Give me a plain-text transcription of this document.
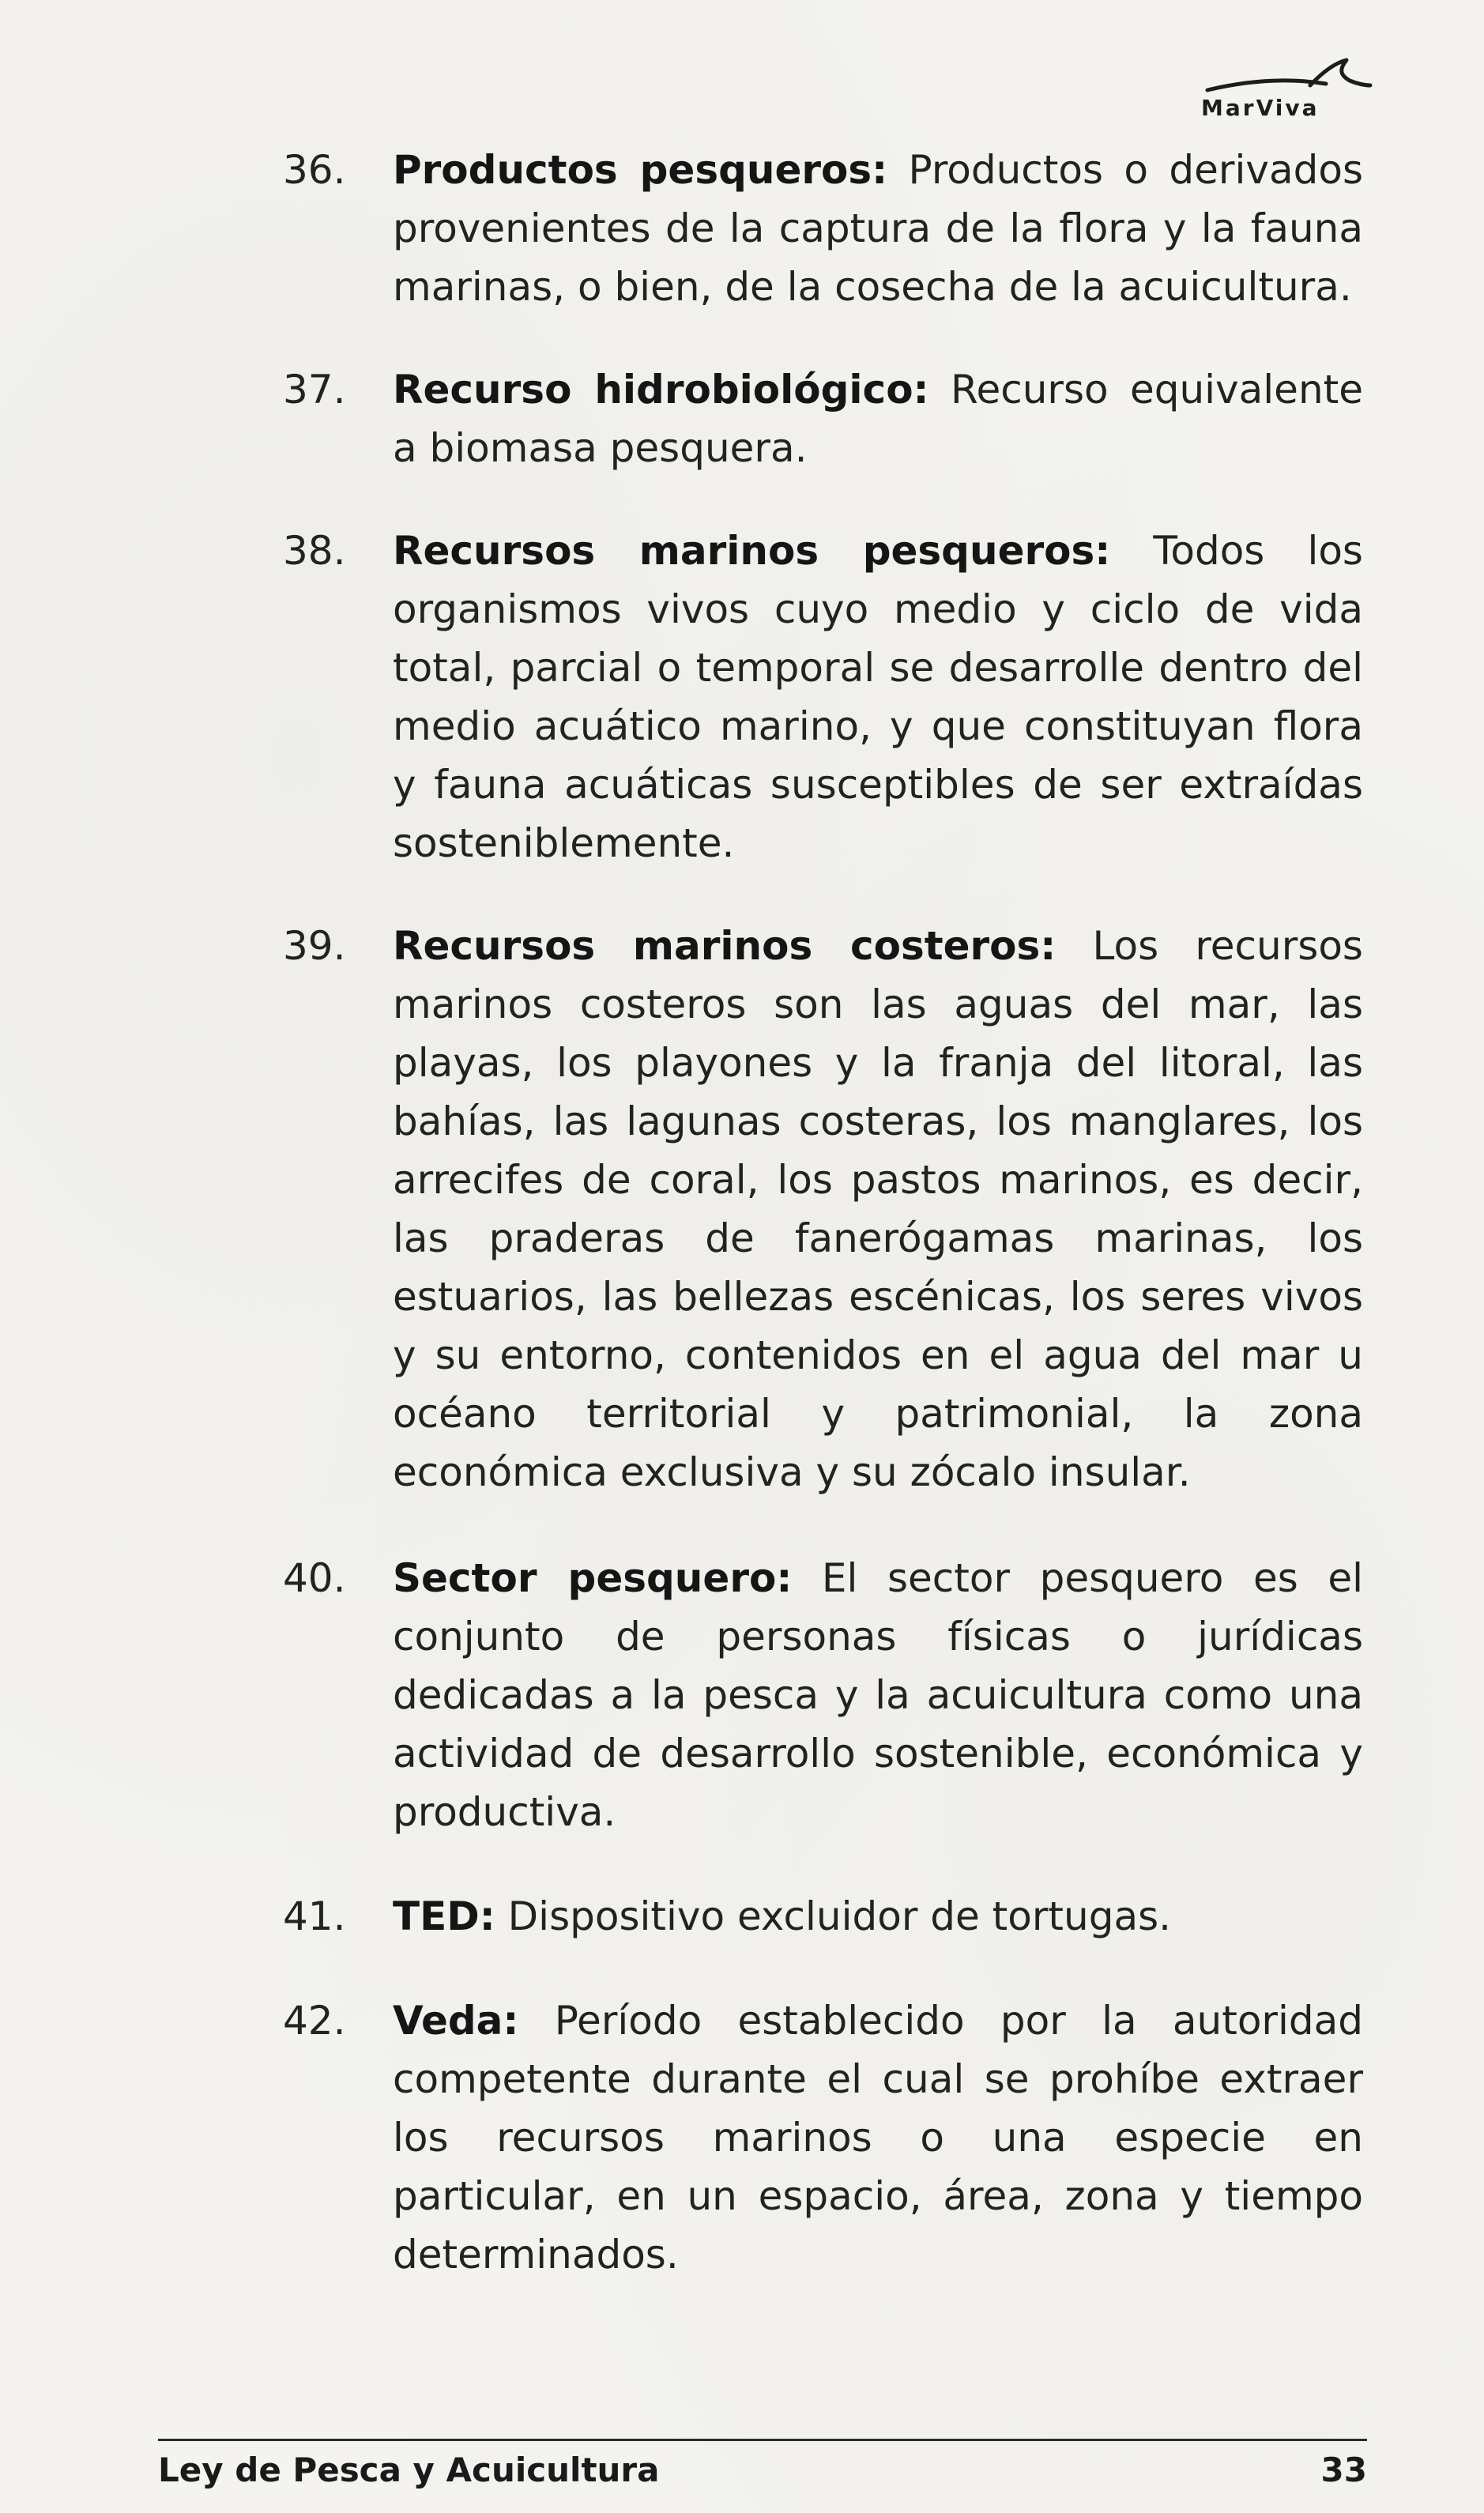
MarViva
36. Productos pesqueros: Productos o derivados provenientes de la captura de la flora y la fauna marinas, o bien, de la cosecha de la acuicultura.
37. Recurso hidrobiológico: Recurso equivalente a biomasa pesquera.
38. Recursos marinos pesqueros: Todos los organismos vivos cuyo medio y ciclo de vida total, parcial o temporal se desarrolle dentro del medio acuático marino, y que constituyan flora y fauna acuáticas susceptibles de ser extraídas sosteniblemente.
39. Recursos marinos costeros: Los recursos marinos costeros son las aguas del mar, las playas, los playones y la franja del litoral, las bahías, las lagunas costeras, los manglares, los arrecifes de coral, los pastos marinos, es decir, las praderas de fanerógamas marinas, los estuarios, las bellezas escénicas, los seres vivos y su entorno, contenidos en el agua del mar u océano territorial y patrimonial, la zona económica exclusiva y su zócalo insular.
40. Sector pesquero: El sector pesquero es el conjunto de personas físicas o jurídicas dedicadas a la pesca y la acuicultura como una actividad de desarrollo sostenible, económica y productiva.
41. TED: Dispositivo excluidor de tortugas.
42. Veda: Período establecido por la autoridad competente durante el cual se prohíbe extraer los recursos marinos o una especie en particular, en un espacio, área, zona y tiempo determinados.
Ley de Pesca y Acuicultura	33
